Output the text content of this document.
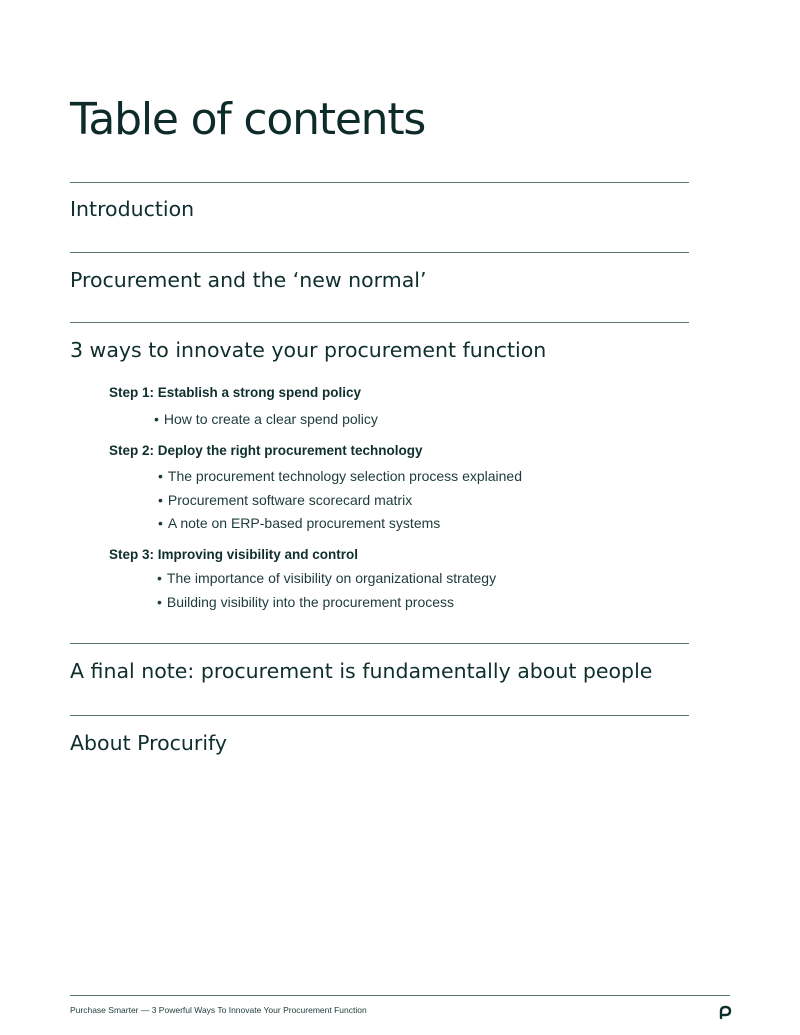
Table of contents
Introduction
Procurement and the ‘new normal’
3 ways to innovate your procurement function
Step 1: Establish a strong spend policy

• How to create a clear spend policy

Step 2: Deploy the right procurement technology

• The procurement technology selection process explained

• Procurement software scorecard matrix

• A note on ERP-based procurement systems

Step 3: Improving visibility and control

• The importance of visibility on organizational strategy

• Building visibility into the procurement process

A final note: procurement is fundamentally about people
About Procurify
Purchase Smarter — 3 Powerful Ways To Innovate Your Procurement Function
